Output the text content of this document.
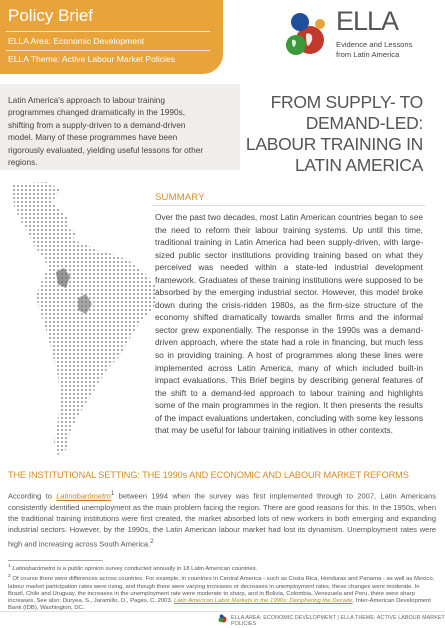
Policy Brief
ELLA Area: Economic Development
ELLA Theme: Active Labour Market Policies
ELLA
Evidence and Lessons
from Latin America
Latin America's approach to labour training programmes changed dramatically in the 1990s, shifting from a supply-driven to a demand-driven model. Many of these programmes have been rigorously evaluated, yielding useful lessons for other regions.
FROM SUPPLY- TO DEMAND-LED: LABOUR TRAINING IN LATIN AMERICA
SUMMARY
Over the past two decades, most Latin American countries began to see the need to reform their labour training systems. Up until this time, traditional training in Latin America had been supply-driven, with large-sized public sector institutions providing training based on what they perceived was needed within a state-led industrial development framework. Graduates of these training institutions were supposed to be absorbed by the emerging industrial sector. However, this model broke down during the crisis-ridden 1980s, as the firm-size structure of the economy shifted dramatically towards smaller firms and the informal sector grew exponentially. The response in the 1990s was a demand-driven approach, where the state had a role in financing, but much less so in providing training. A host of programmes along these lines were implemented across Latin America, many of which included built-in impact evaluations. This Brief begins by describing general features of the shift to a demand-led approach to labour training and highlights some of the main programmes in the region. It then presents the results of the impact evaluations undertaken, concluding with some key lessons that may be useful for labour training initiatives in other contexts.
THE INSTITUTIONAL SETTING: THE 1990s AND ECONOMIC AND LABOUR MARKET REFORMS
According to Latinobarómetro$^1$ between 1994 when the survey was first implemented through to 2007, Latin Americans consistently identified unemployment as the main problem facing the region. There are good reasons for this. In the 1950s, when the traditional training institutions were first created, the market absorbed lots of new workers in both emerging and expanding industrial sectors. However, by the 1990s, the Latin American labour market had lost its dynamism. Unemployment rates were high and increasing across South America.$^2$
$^1$ Latinobarómetro is a public opinion survey conducted annually in 18 Latin American countries.
$^2$ Of course there were differences across countries. For example, in countries in Central America - such as Costa Rica, Honduras and Panama - as well as Mexico, labour market participation rates were rising, and though there were varying increases or decreases in unemployment rates, these changes were moderate. In Brazil, Chile and Uruguay, the increases in the unemployment rate were moderate to sharp, and in Bolivia, Colombia, Venezuela and Peru, there were sharp increases. See also: Duryea, S., Jaramillo, O., Pagés, C. 2003. Latin American Labor Markets in the 1990s: Deciphering the Decade. Inter-American Development Bank (IDB), Washington, DC.
ELLA AREA: ECONOMIC DEVELOPMENT | ELLA THEME: ACTIVE LABOUR MARKET POLICIES
